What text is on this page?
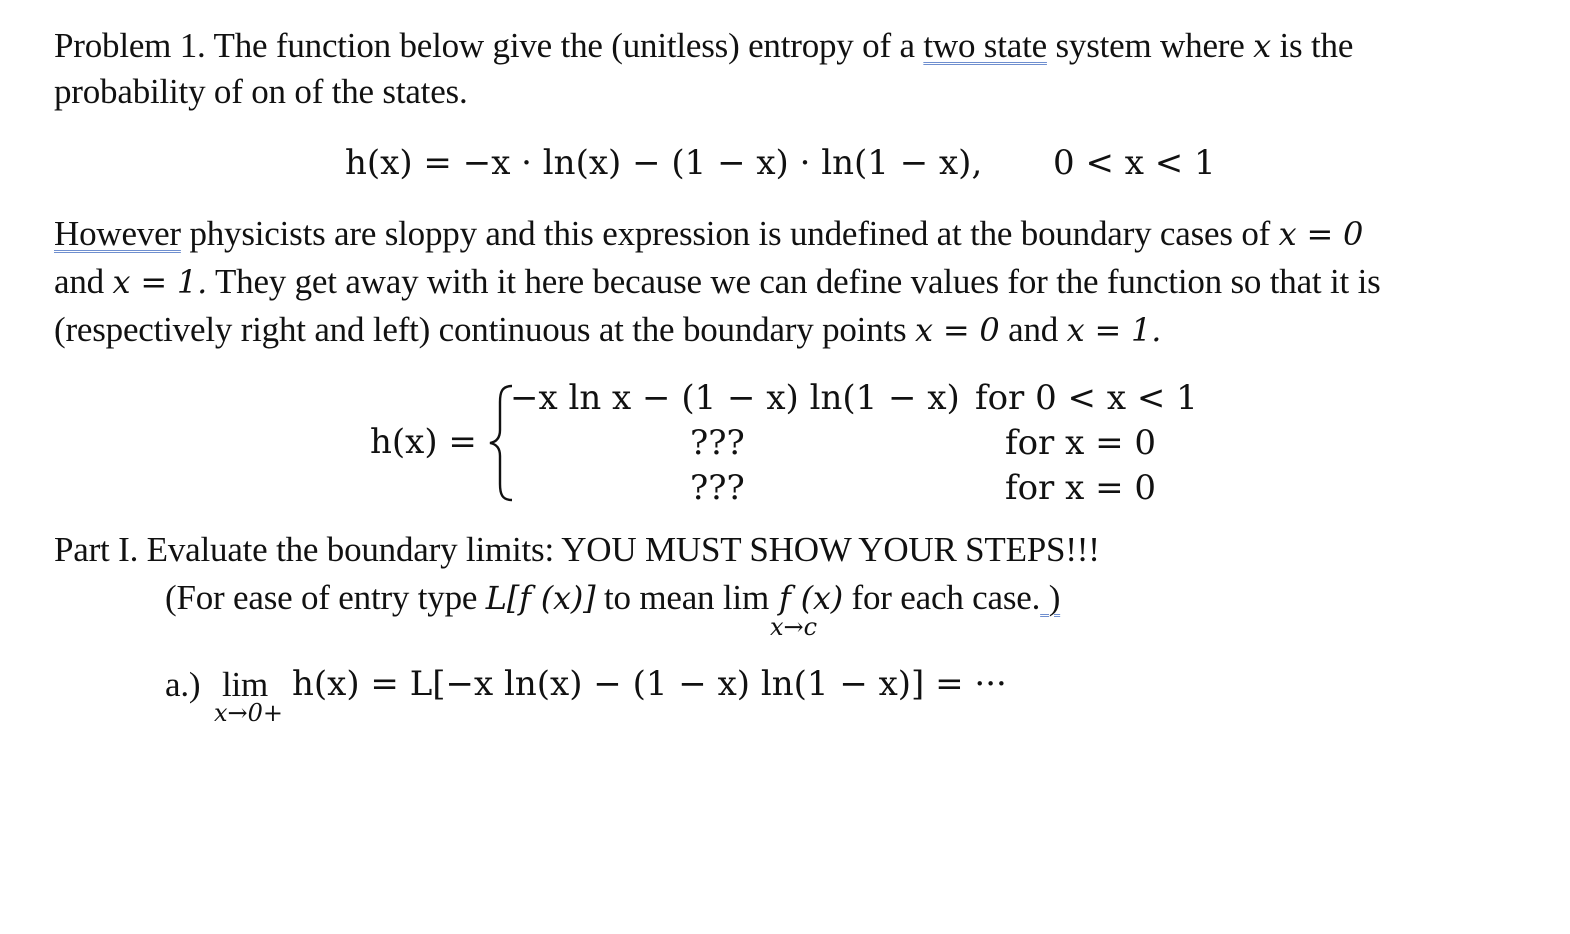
Problem 1. The function below give the (unitless) entropy of a two state system where x is the
probability of on of the states.
h(x) = −x · ln(x) − (1 − x) · ln(1 − x), 0 < x < 1
However physicists are sloppy and this expression is undefined at the boundary cases of x = 0
and x = 1. They get away with it here because we can define values for the function so that it is
(respectively right and left) continuous at the boundary points x = 0 and x = 1.
h(x) =
−x ln x − (1 − x) ln(1 − x) for 0 < x < 1
???	for x = 0
???	for x = 0
Part I. Evaluate the boundary limits: YOU MUST SHOW YOUR STEPS!!!
(For ease of entry type L[f (x)] to mean lim f (x) for each case. )
x→c
a.) lim h(x) = L[−x ln(x) − (1 − x) ln(1 − x)] = ···
x→0+
